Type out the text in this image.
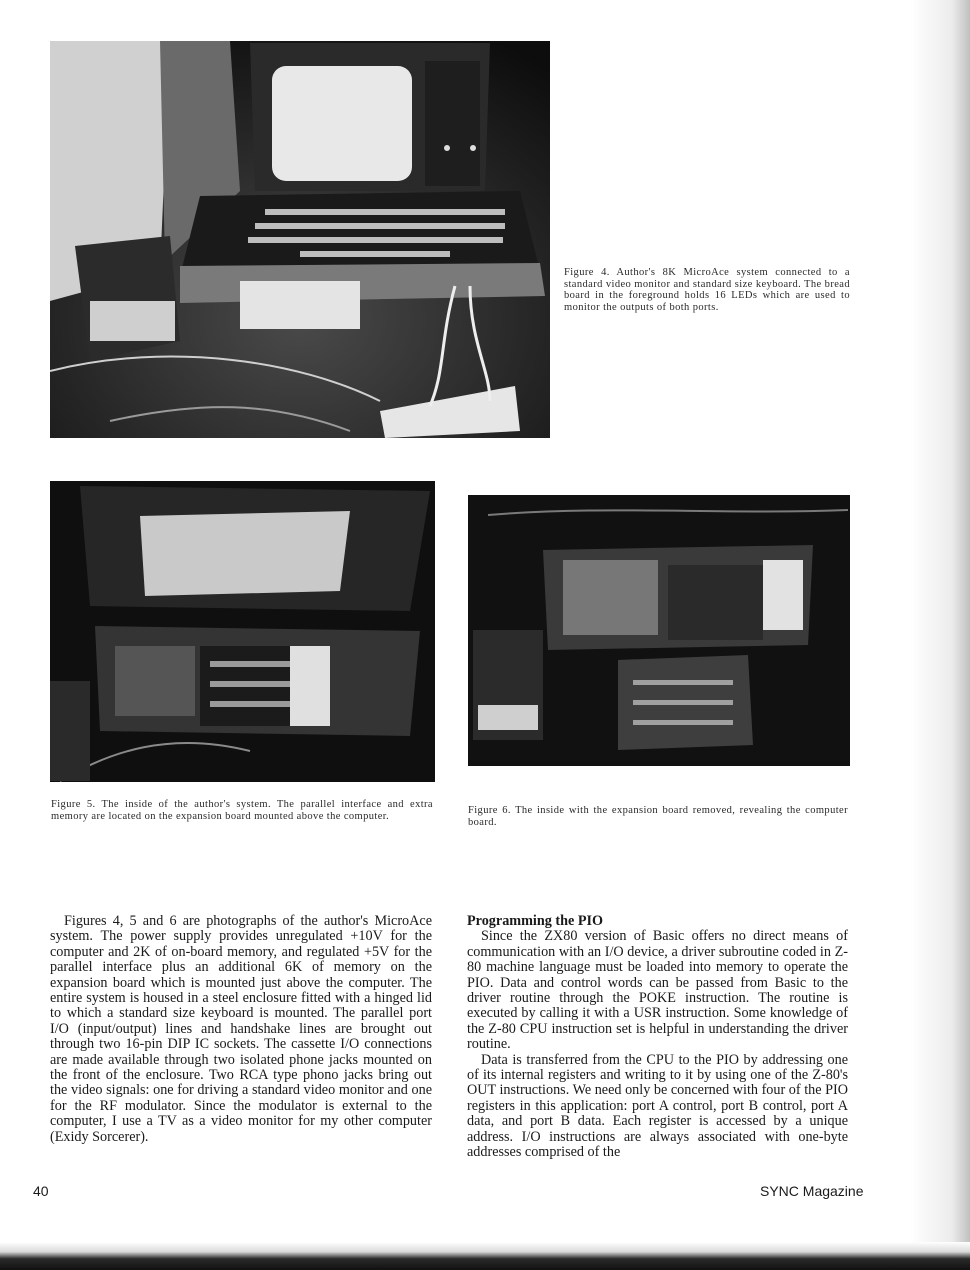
Figure 4. Author's 8K MicroAce system connected to a standard video monitor and standard size keyboard. The bread board in the foreground holds 16 LEDs which are used to monitor the outputs of both ports.
Figure 5. The inside of the author's system. The parallel interface and extra memory are located on the expansion board mounted above the computer.	Figure 6. The inside with the expansion board removed, revealing the computer board.

Figures 4, 5 and 6 are photographs of the author's MicroAce system. The power supply provides unregulated +10V for the computer and 2K of on-board memory, and regulated +5V for the parallel interface plus an additional 6K of memory on the expansion board which is mounted just above the computer. The entire system is housed in a steel enclosure fitted with a hinged lid to which a standard size keyboard is mounted. The parallel port I/O (input/output) lines and handshake lines are brought out through two 16-pin DIP IC sockets. The cassette I/O connections are made available through two isolated phone jacks mounted on the front of the enclosure. Two RCA type phono jacks bring out the video signals: one for driving a standard video monitor and one for the RF modulator. Since the modulator is external to the computer, I use a TV as a video monitor for my other computer (Exidy Sorcerer).

Programming the PIO

Since the ZX80 version of Basic offers no direct means of communication with an I/O device, a driver subroutine coded in Z-80 machine language must be loaded into memory to operate the PIO. Data and control words can be passed from Basic to the driver routine through the POKE instruction. The routine is executed by calling it with a USR instruction. Some knowledge of the Z-80 CPU instruction set is helpful in understanding the driver routine.

Data is transferred from the CPU to the PIO by addressing one of its internal registers and writing to it by using one of the Z-80's OUT instructions. We need only be concerned with four of the PIO registers in this application: port A control, port B control, port A data, and port B data. Each register is accessed by a unique address. I/O instructions are always associated with one-byte addresses comprised of the

40	SYNC Magazine
